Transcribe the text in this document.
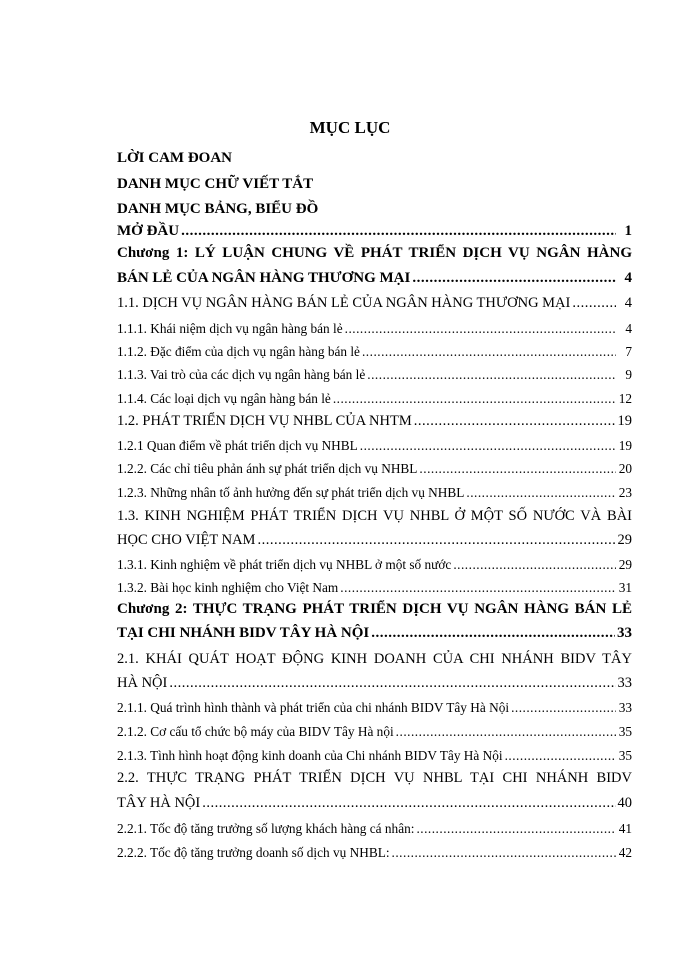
MỤC LỤC
LỜI CAM ĐOAN
DANH MỤC CHỮ VIẾT TẮT
DANH MỤC BẢNG, BIỂU ĐỒ
MỞ ĐẦU .....	1
Chương 1: LÝ LUẬN CHUNG VỀ PHÁT TRIỂN DỊCH VỤ NGÂN HÀNG
BÁN LẺ CỦA NGÂN HÀNG THƯƠNG MẠI .....	4
1.1. DỊCH VỤ NGÂN HÀNG BÁN LẺ CỦA NGÂN HÀNG THƯƠNG MẠI .....	4
1.1.1. Khái niệm dịch vụ ngân hàng bán lẻ .....	4
1.1.2. Đặc điểm của dịch vụ ngân hàng bán lẻ .....	7
1.1.3. Vai trò của các dịch vụ ngân hàng bán lẻ .....	9
1.1.4. Các loại dịch vụ ngân hàng bán lẻ .....	12
1.2. PHÁT TRIỂN DỊCH VỤ NHBL CỦA NHTM .....	19
1.2.1 Quan điểm về phát triển dịch vụ NHBL .....	19
1.2.2. Các chỉ tiêu phản ánh sự phát triển dịch vụ NHBL .....	20
1.2.3. Những nhân tố ảnh hưởng đến sự phát triển dịch vụ NHBL .....	23
1.3. KINH NGHIỆM PHÁT TRIỂN DỊCH VỤ NHBL Ở MỘT SỐ NƯỚC VÀ BÀI
HỌC CHO VIỆT NAM .....	29
1.3.1. Kinh nghiệm về phát triển dịch vụ NHBL ở một số nước .....	29
1.3.2. Bài học kinh nghiệm cho Việt Nam .....	31
Chương 2: THỰC TRẠNG PHÁT TRIỂN DỊCH VỤ NGÂN HÀNG BÁN LẺ
TẠI CHI NHÁNH BIDV TÂY HÀ NỘI .....	33
2.1. KHÁI QUÁT HOẠT ĐỘNG KINH DOANH CỦA CHI NHÁNH BIDV TÂY
HÀ NỘI .....	33
2.1.1. Quá trình hình thành và phát triển của chi nhánh BIDV Tây Hà Nội .....	33
2.1.2. Cơ cấu tổ chức bộ máy của BIDV Tây Hà nội .....	35
2.1.3. Tình hình hoạt động kinh doanh của Chi nhánh BIDV Tây Hà Nội .....	35
2.2. THỰC TRẠNG PHÁT TRIỂN DỊCH VỤ NHBL TẠI CHI NHÁNH BIDV
TÂY HÀ NỘI .....	40
2.2.1. Tốc độ tăng trưởng số lượng khách hàng cá nhân: .....	41
2.2.2. Tốc độ tăng trưởng doanh số dịch vụ NHBL: .....	42
